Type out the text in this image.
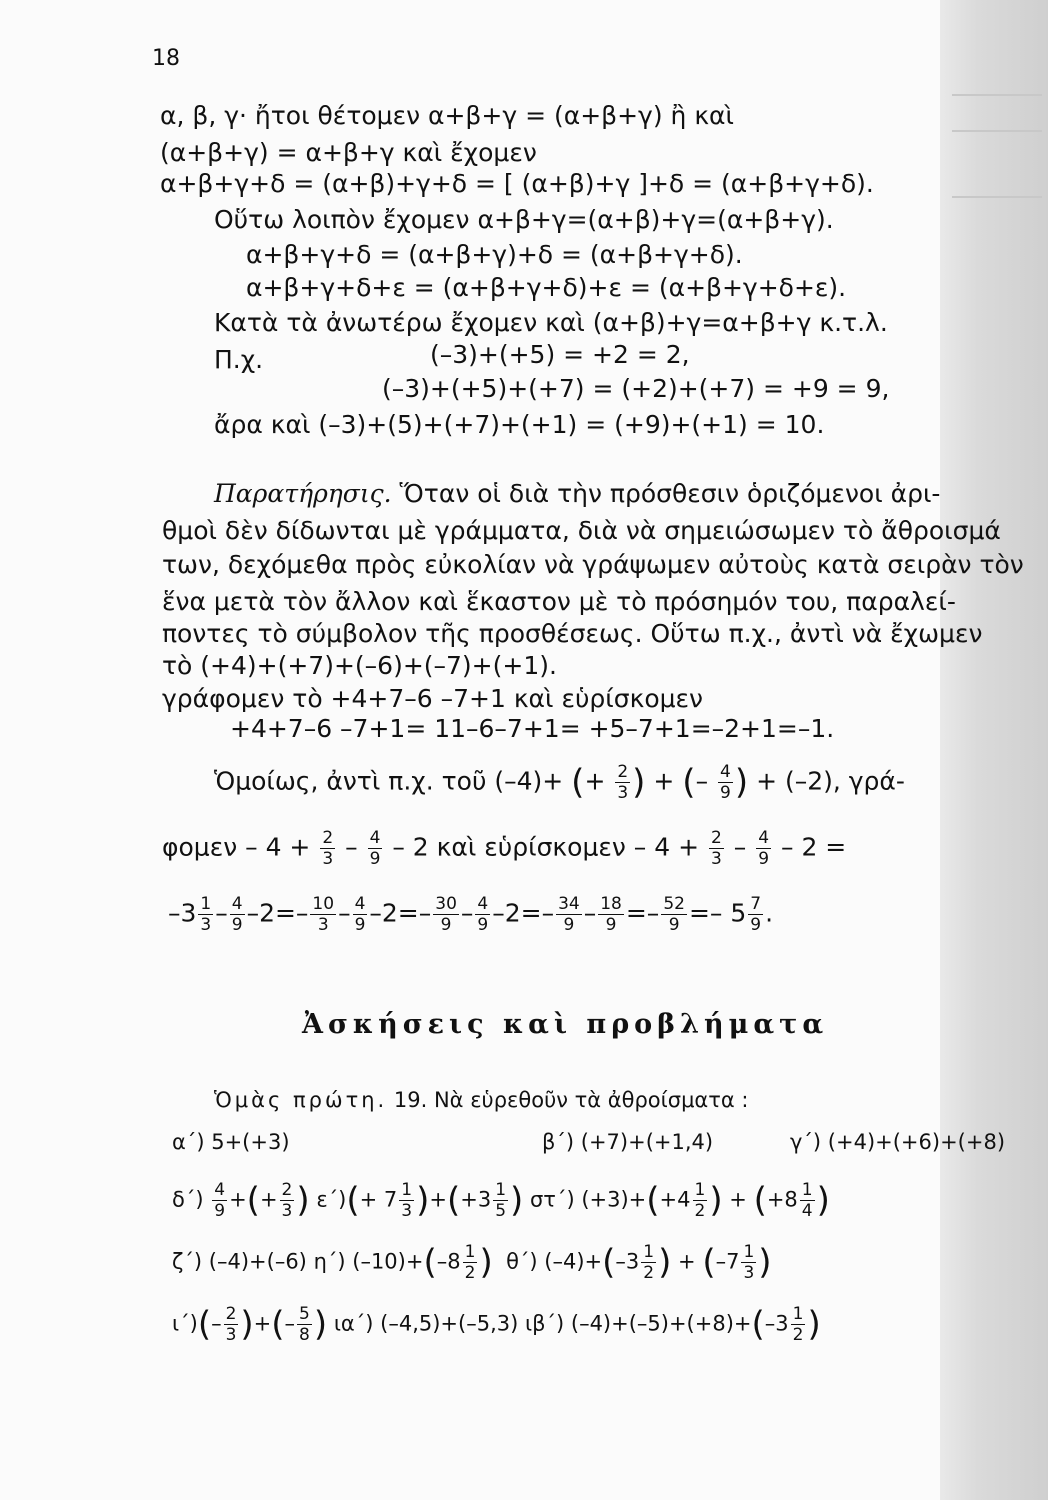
18
α, β, γ· ἤτοι θέτομεν α+β+γ = (α+β+γ) ἢ καὶ
(α+β+γ) = α+β+γ καὶ ἔχομεν
α+β+γ+δ = (α+β)+γ+δ = [ (α+β)+γ ]+δ = (α+β+γ+δ).
Οὕτω λοιπὸν ἔχομεν α+β+γ=(α+β)+γ=(α+β+γ).
α+β+γ+δ = (α+β+γ)+δ = (α+β+γ+δ).
α+β+γ+δ+ε = (α+β+γ+δ)+ε = (α+β+γ+δ+ε).
Κατὰ τὰ ἀνωτέρω ἔχομεν καὶ (α+β)+γ=α+β+γ κ.τ.λ.
Π.χ.	(–3)+(+5) = +2 = 2,
(–3)+(+5)+(+7) = (+2)+(+7) = +9 = 9,
ἄρα καὶ (–3)+(5)+(+7)+(+1) = (+9)+(+1) = 10.
Παρατήρησις. Ὅταν οἱ διὰ τὴν πρόσθεσιν ὁριζόμενοι ἀρι-
θμοὶ δὲν δίδωνται μὲ γράμματα, διὰ νὰ σημειώσωμεν τὸ ἄθροισμά
των, δεχόμεθα πρὸς εὐκολίαν νὰ γράψωμεν αὐτοὺς κατὰ σειρὰν τὸν
ἕνα μετὰ τὸν ἄλλον καὶ ἕκαστον μὲ τὸ πρόσημόν του, παραλεί-
ποντες τὸ σύμβολον τῆς προσθέσεως. Οὕτω π.χ., ἀντὶ νὰ ἔχωμεν
τὸ (+4)+(+7)+(–6)+(–7)+(+1).
γράφομεν τὸ +4+7–6 –7+1 καὶ εὑρίσκομεν
+4+7–6 –7+1= 11–6–7+1= +5–7+1=–2+1=–1.
Ὁμοίως, ἀντὶ π.χ. τοῦ (–4)+ (+ $\frac{2}{3}$ ) + (– $\frac{4}{9}$ ) + (–2), γρά-
$\varphi o\mu\varepsilon\nu - 4 + \frac{2}{3} - \frac{4}{9} - 2$ καὶ εὑρίσκομεν – $4 + \frac{2}{3} - \frac{4}{9} - 2$ =
$-3 \frac{1}{3} - \frac{4}{9} -2=- \frac{10}{3} - \frac{4}{9} -2=- \frac{30}{9} - \frac{4}{9} -2=- \frac{34}{9} - \frac{18}{9} =- \frac{52}{9} =- 5 \frac{7}{9}$ .
Ἀσκήσεις καὶ προβλήματα
Ὁμὰς πρώτη. 19. Νὰ εὑρεθοῦν τὰ ἀθροίσματα :
α΄) 5+(+3)	β΄) (+7)+(+1,4)	γ΄) (+4)+(+6)+(+8)
$\delta΄) \frac{4}{9}$ +(+ $\frac{2}{3}$ ) $\varepsilon΄)(+ 7 \frac{1}{3} )+(+3 \frac{1}{5}$ ) στ΄) $(+3)+(+4 \frac{1}{2}$ ) + ($+8 \frac{1}{4}$ )
ζ΄) (–4)+(–6) η΄) $(-10)+(-8 \frac{1}{2}$ ) θ΄) $(-4)+(-3 \frac{1}{2}$ ) + ($-7 \frac{1}{3}$ )
$\iota΄)(- \frac{2}{3}$ )+(– $\frac{5}{8}$ ) ια΄) (–4,5)+(–5,3) ιβ΄) $(-4)+(-5)+(+8)+(-3 \frac{1}{2}$ )
